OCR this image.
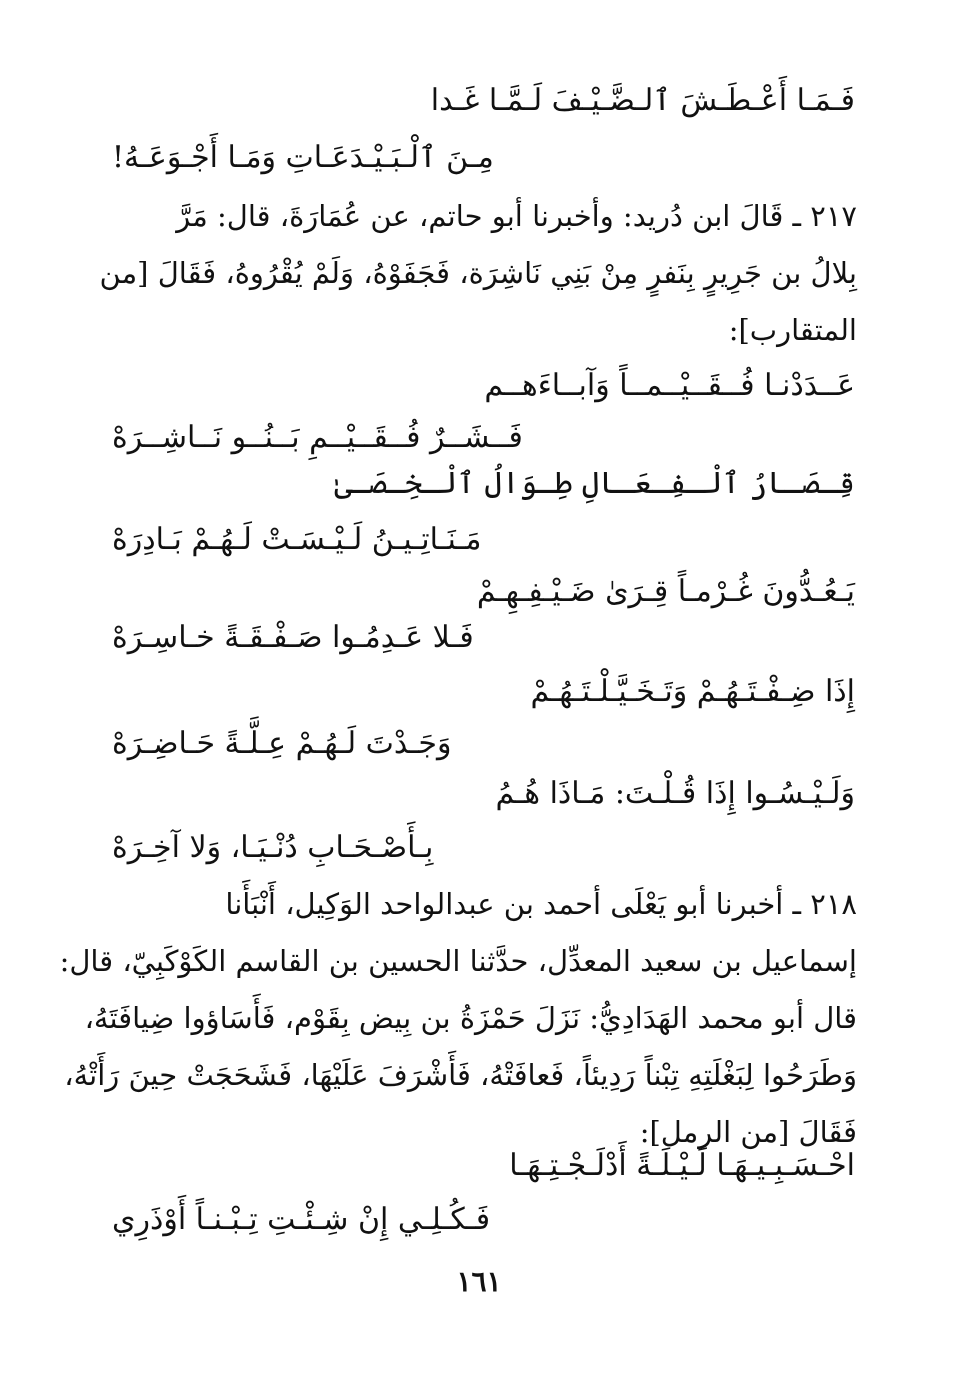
فَـمَـا أَعْـطَـشَ ٱلـضَّـيْـفَ لَـمَّـا غَـدا
مِـنَ ٱلْـبَـيْـدَعَـاتِ وَمَـا أَجْـوَعَـهُ!
٢١٧ ـ قَالَ ابن دُريد: وأخبرنا أبو حاتم، عن عُمَارَةَ، قال: مَرَّ
بِلالُ بن جَرِيرٍ بِنَفرٍ مِنْ بَنِي نَاشِرَة، فَجَفَوْهُ، وَلَمْ يُقْرُوهُ، فَقَالَ [من
المتقارب]:
عَــدَدْنـا فُــقَــيْــمــاً وَآبــاءَهــم
فَــشَــرٌ فُــقَــيْــمِ بَــنُــو نَــاشِــرَهْ
قِـصَـارُ ٱلْـفِـعَـالِ طِـوَالُ ٱلْـخِـصَـىٰ
مَـنَـاتِـيـنُ لَـيْـسَـتْ لَـهُـمْ بَـادِرَهْ
يَـعُـدُّونَ غُـرْمـاً قِـرَىٰ ضَـيْـفِـهِـمْ
فَـلا عَـدِمُـوا صَـفْـقَـةً خـاسِـرَهْ
إِذَا ضِـفْـتَـهُـمْ وَتَـخَـيَّـلْـتَـهُـمْ
وَجَـدْتَ لَـهُـمْ عِـلَّـةً حَـاضِـرَهْ
وَلَـيْـسُـوا إِذَا قُـلْـتَ: مَـاذَا هُـمُ
بِـأَصْـحَـابِ دُنْـيَـا، وَلا آخِـرَهْ
٢١٨ ـ أخبرنا أبو يَعْلَى أحمد بن عبدالواحد الوَكِيل، أَنْبَأَنا
إسماعيل بن سعيد المعدِّل، حدَّثنا الحسين بن القاسم الكَوْكَبِيّ، قال:
قال أبو محمد الهَدَادِيُّ: نَزَلَ حَمْزَةُ بن بِيض بِقَوْم، فَأَسَاؤوا ضِيافَتَهُ،
وَطَرَحُوا لِبَغْلَتِهِ تِبْناً رَدِيئاً، فَعافَتْهُ، فَأَشْرَفَ عَلَيْهَا، فَشَحَجَتْ حِينَ رَأَتْهُ،
فَقَالَ [من الرمل]:
احْـسَـبِـيـهَـا لَـيْـلَـةً أَدْلَـجْـتِـهَـا
فَـكُـلِـي إِنْ شِـئْـتِ تِـبْـنـاً أَوْذَرِي
١٦١
